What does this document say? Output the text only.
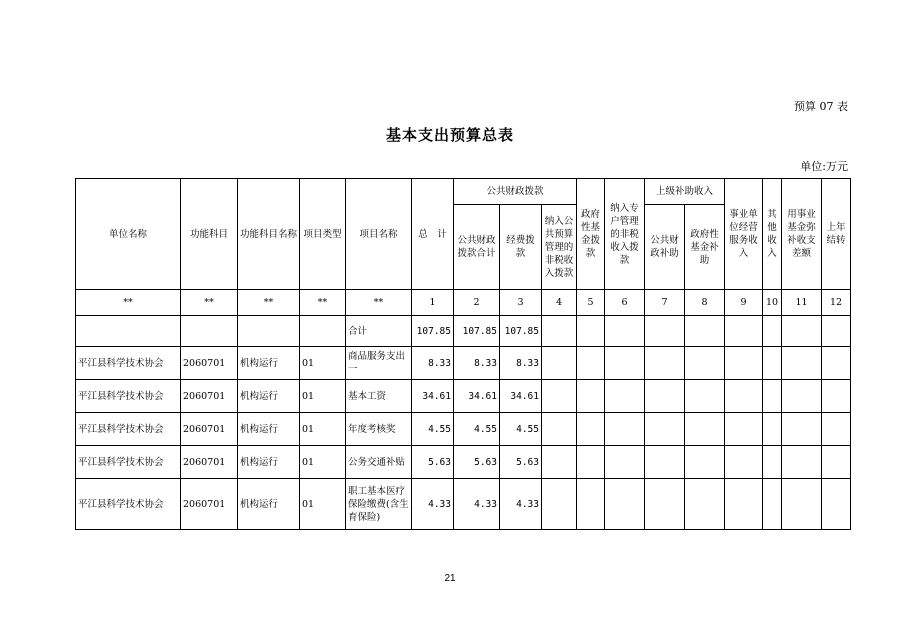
预算 07 表
基本支出预算总表
单位:万元
单位名称	功能科目	功能科目名称	项目类型	项目名称	总　计	公共财政拨款			政府性基金拨款	纳入专户管理的非税收入拨款	上级补助收入		事业单位经营服务收入	其他收入	用事业基金弥补收支差额	上年结转
						公共财政拨款合计	经费拨款	纳入公共预算管理的非税收入拨款			公共财政补助	政府性基金补助				
**	**	**	**	**	1	2	3	4	5	6	7	8	9	10	11	12
				合计	107.85	107.85	107.85									
平江县科学技术协会	2060701	机构运行	01	商品服务支出一	8.33	8.33	8.33									
平江县科学技术协会	2060701	机构运行	01	基本工资	34.61	34.61	34.61									
平江县科学技术协会	2060701	机构运行	01	年度考核奖	4.55	4.55	4.55									
平江县科学技术协会	2060701	机构运行	01	公务交通补贴	5.63	5.63	5.63									
平江县科学技术协会	2060701	机构运行	01	职工基本医疗保险缴费(含生育保险)	4.33	4.33	4.33									
21
